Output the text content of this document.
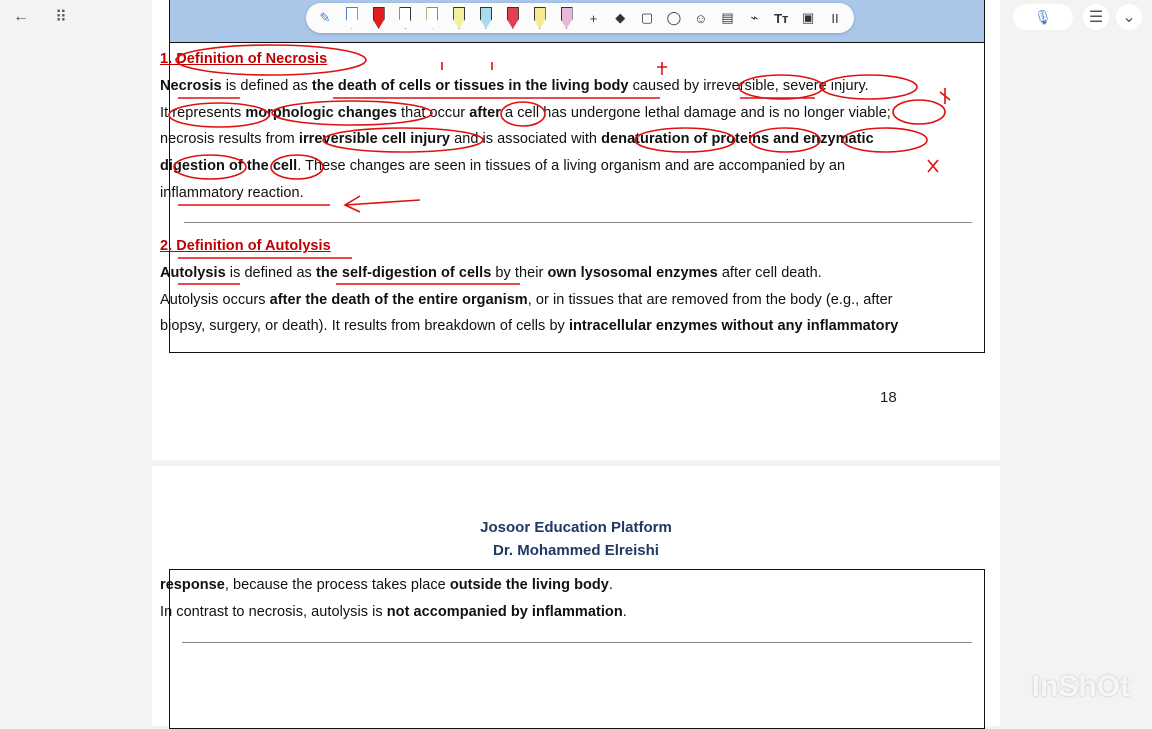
← ⠿
1. Definition of Necrosis
Necrosis is defined as the death of cells or tissues in the living body caused by irreversible, severe injury.
It represents morphologic changes that occur after a cell has undergone lethal damage and is no longer viable;
necrosis results from irreversible cell injury and is associated with denaturation of proteins and enzymatic
digestion of the cell. These changes are seen in tissues of a living organism and are accompanied by an
inflammatory reaction.
2. Definition of Autolysis
Autolysis is defined as the self-digestion of cells by their own lysosomal enzymes after cell death.
Autolysis occurs after the death of the entire organism, or in tissues that are removed from the body (e.g., after
biopsy, surgery, or death). It results from breakdown of cells by intracellular enzymes without any inflammatory
18
Josoor Education Platform
Dr. Mohammed Elreishi
response, because the process takes place outside the living body.
In contrast to necrosis, autolysis is not accompanied by inflammation.
✎	+ ◆ ▢ ◯ ☺ ▤ ⌁ Tт ▣ II	🎙 ☰ ⌄
InShOt
